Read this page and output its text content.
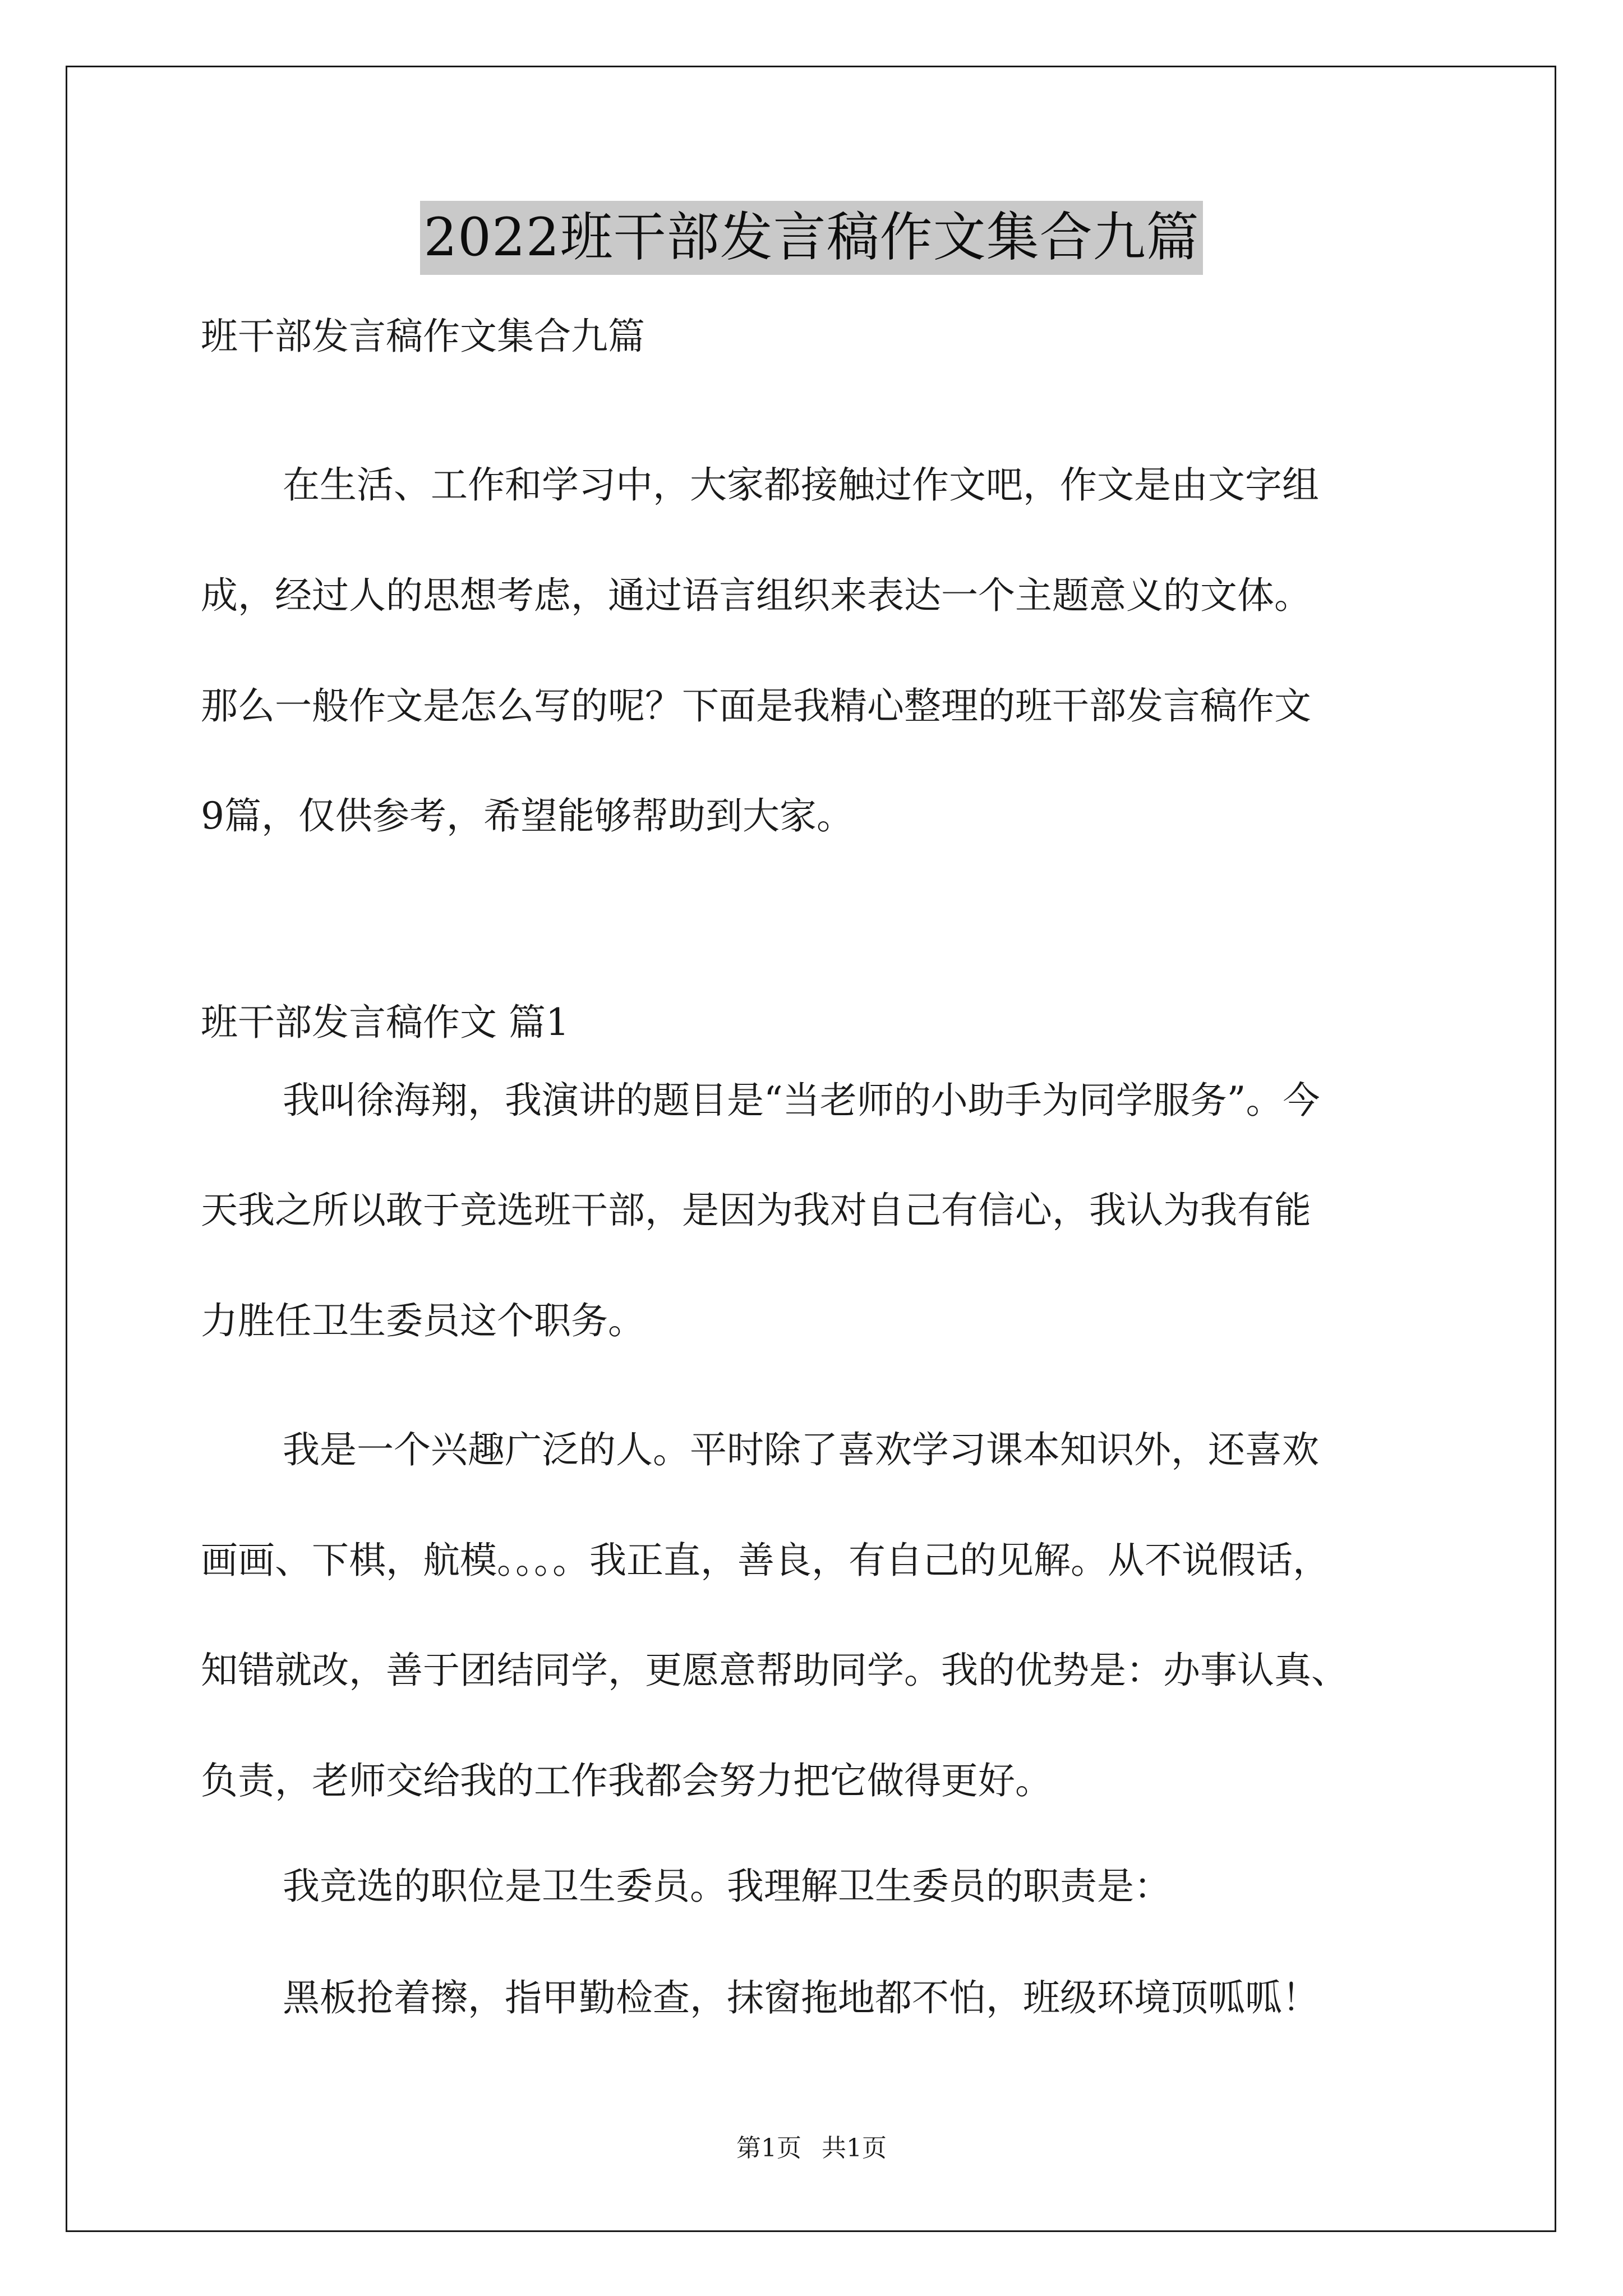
2022班干部发言稿作文集合九篇
班干部发言稿作文集合九篇
在生活、工作和学习中，大家都接触过作文吧，作文是由文字组
成，经过人的思想考虑，通过语言组织来表达一个主题意义的文体。
那么一般作文是怎么写的呢？下面是我精心整理的班干部发言稿作文
9篇，仅供参考，希望能够帮助到大家。
班干部发言稿作文 篇1
我叫徐海翔，我演讲的题目是“当老师的小助手为同学服务”。今
天我之所以敢于竞选班干部，是因为我对自己有信心，我认为我有能
力胜任卫生委员这个职务。
我是一个兴趣广泛的人。平时除了喜欢学习课本知识外，还喜欢
画画、下棋，航模。。。。我正直，善良，有自己的见解。从不说假话，
知错就改，善于团结同学，更愿意帮助同学。我的优势是：办事认真、
负责，老师交给我的工作我都会努力把它做得更好。
我竞选的职位是卫生委员。我理解卫生委员的职责是：
黑板抢着擦，指甲勤检查，抹窗拖地都不怕，班级环境顶呱呱！
第1页 共1页
